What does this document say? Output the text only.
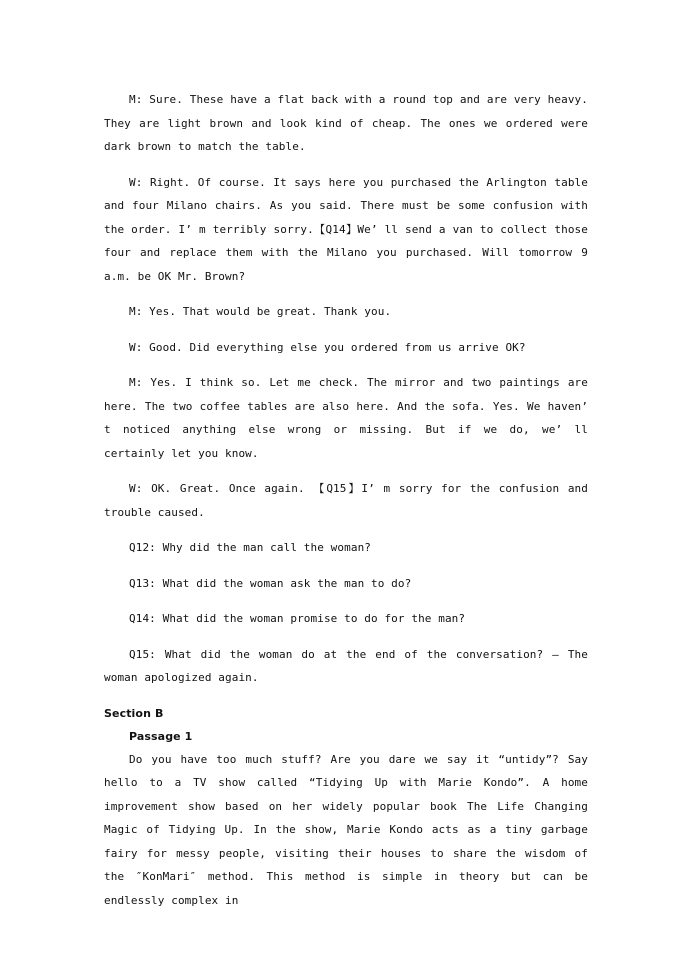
M: Sure. These have a flat back with a round top and are very heavy. They are light brown and look kind of cheap. The ones we ordered were dark brown to match the table.

W: Right. Of course. It says here you purchased the Arlington table and four Milano chairs. As you said. There must be some confusion with the order. I’ m terribly sorry.【Q14】We’ ll send a van to collect those four and replace them with the Milano you purchased. Will tomorrow 9 a.m. be OK Mr. Brown?

M: Yes. That would be great. Thank you.

W: Good. Did everything else you ordered from us arrive OK?

M: Yes. I think so. Let me check. The mirror and two paintings are here. The two coffee tables are also here. And the sofa. Yes. We haven’ t noticed anything else wrong or missing. But if we do, we’ ll certainly let you know.

W: OK. Great. Once again. 【Q15】I’ m sorry for the confusion and trouble caused.

Q12: Why did the man call the woman?

Q13: What did the woman ask the man to do?

Q14: What did the woman promise to do for the man?

Q15: What did the woman do at the end of the conversation? – The woman apologized again.

Section B
Passage 1

Do you have too much stuff? Are you dare we say it “untidy”? Say hello to a TV show called “Tidying Up with Marie Kondo”. A home improvement show based on her widely popular book The Life Changing Magic of Tidying Up. In the show, Marie Kondo acts as a tiny garbage fairy for messy people, visiting their houses to share the wisdom of the ″KonMari″ method. This method is simple in theory but can be endlessly complex in
